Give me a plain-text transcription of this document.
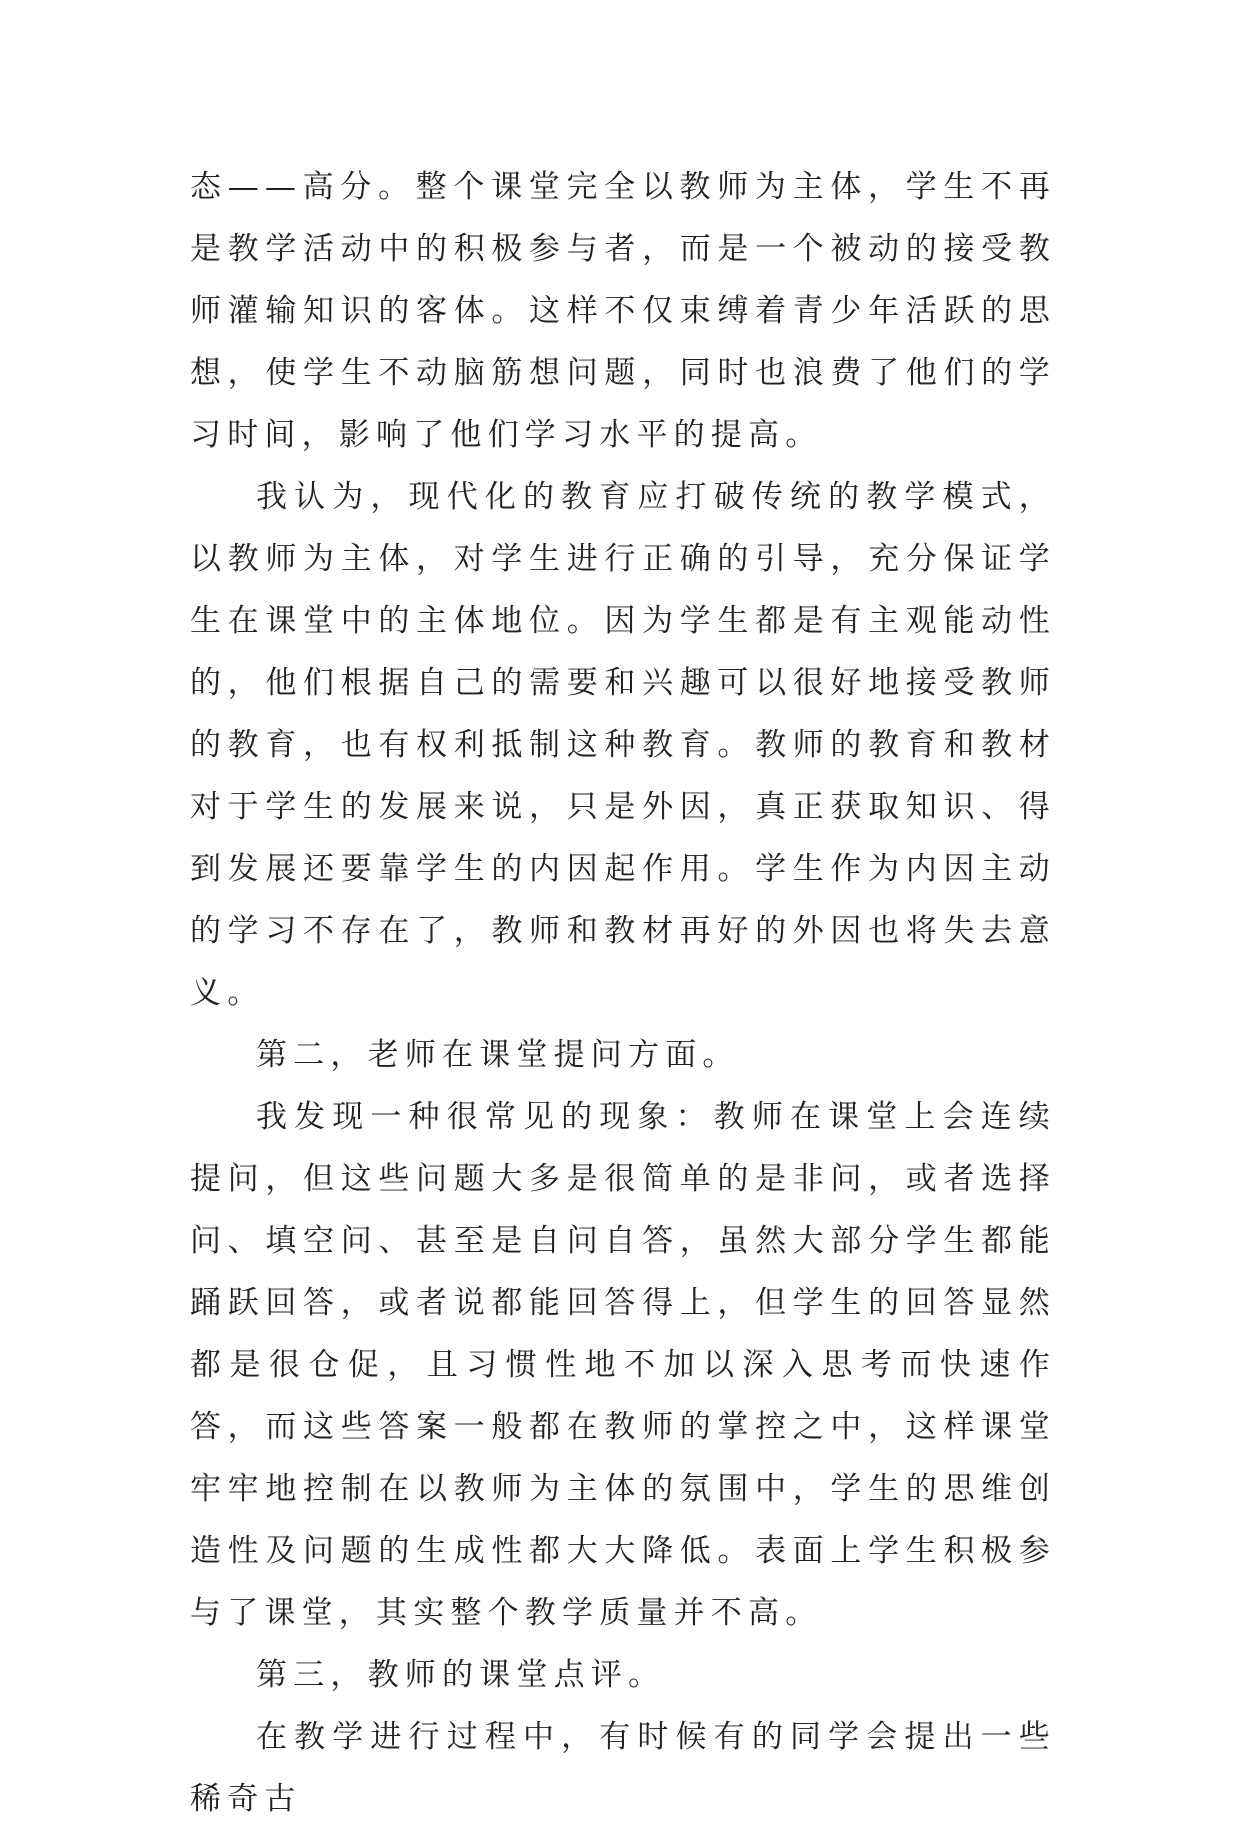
态——高分。整个课堂完全以教师为主体，学生不再是教学活动中的积极参与者，而是一个被动的接受教师灌输知识的客体。这样不仅束缚着青少年活跃的思想，使学生不动脑筋想问题，同时也浪费了他们的学习时间，影响了他们学习水平的提高。

我认为，现代化的教育应打破传统的教学模式，以教师为主体，对学生进行正确的引导，充分保证学生在课堂中的主体地位。因为学生都是有主观能动性的，他们根据自己的需要和兴趣可以很好地接受教师的教育，也有权利抵制这种教育。教师的教育和教材对于学生的发展来说，只是外因，真正获取知识、得到发展还要靠学生的内因起作用。学生作为内因主动的学习不存在了，教师和教材再好的外因也将失去意义。

第二，老师在课堂提问方面。

我发现一种很常见的现象：教师在课堂上会连续提问，但这些问题大多是很简单的是非问，或者选择问、填空问、甚至是自问自答，虽然大部分学生都能踊跃回答，或者说都能回答得上，但学生的回答显然都是很仓促，且习惯性地不加以深入思考而快速作答，而这些答案一般都在教师的掌控之中，这样课堂牢牢地控制在以教师为主体的氛围中，学生的思维创造性及问题的生成性都大大降低。表面上学生积极参与了课堂，其实整个教学质量并不高。

第三，教师的课堂点评。

在教学进行过程中，有时候有的同学会提出一些稀奇古
